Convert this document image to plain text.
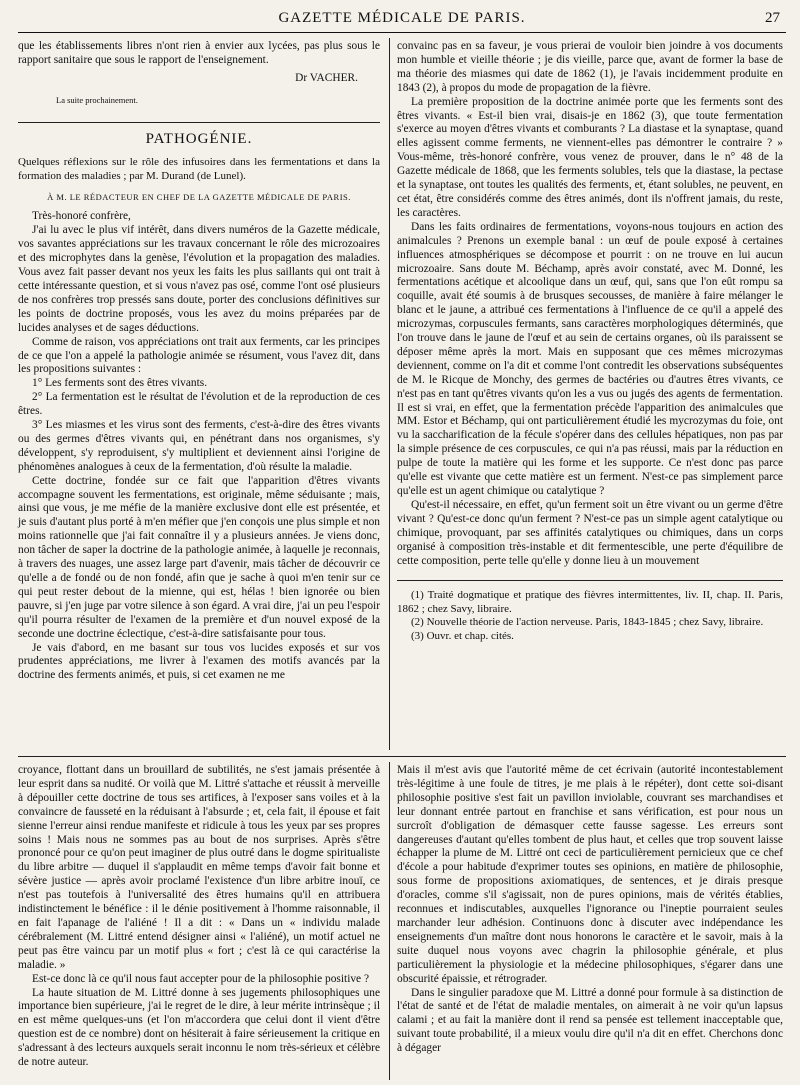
GAZETTE MÉDICALE DE PARIS.	27

que les établissements libres n'ont rien à envier aux lycées, pas plus sous le rapport sanitaire que sous le rapport de l'enseignement.

Dr VACHER.
La suite prochainement.
PATHOGÉNIE.

Quelques réflexions sur le rôle des infusoires dans les fermentations et dans la formation des maladies ; par M. Durand (de Lunel).

À M. LE RÉDACTEUR EN CHEF DE LA GAZETTE MÉDICALE DE PARIS.

Très-honoré confrère,

J'ai lu avec le plus vif intérêt, dans divers numéros de la Gazette médicale, vos savantes appréciations sur les travaux concernant le rôle des microzoaires et des microphytes dans la genèse, l'évolution et la propagation des maladies. Vous avez fait passer devant nos yeux les faits les plus saillants qui ont trait à cette intéressante question, et si vous n'avez pas osé, comme l'ont osé plusieurs de nos confrères trop pressés sans doute, porter des conclusions définitives sur les points de doctrine proposés, vous les avez du moins préparées par de lucides analyses et de sages déductions.

Comme de raison, vos appréciations ont trait aux ferments, car les principes de ce que l'on a appelé la pathologie animée se résument, vous l'avez dit, dans les propositions suivantes :

1° Les ferments sont des êtres vivants.

2° La fermentation est le résultat de l'évolution et de la reproduction de ces êtres.

3° Les miasmes et les virus sont des ferments, c'est-à-dire des êtres vivants ou des germes d'êtres vivants qui, en pénétrant dans nos organismes, s'y développent, s'y reproduisent, s'y multiplient et deviennent ainsi l'origine de phénomènes analogues à ceux de la fermentation, d'où résulte la maladie.

Cette doctrine, fondée sur ce fait que l'apparition d'êtres vivants accompagne souvent les fermentations, est originale, même séduisante ; mais, ainsi que vous, je me méfie de la manière exclusive dont elle est présentée, et je suis d'autant plus porté à m'en méfier que j'en conçois une plus simple et non moins rationnelle que j'ai fait connaître il y a plusieurs années. Je viens donc, non tâcher de saper la doctrine de la pathologie animée, à laquelle je reconnais, à travers des nuages, une assez large part d'avenir, mais tâcher de découvrir ce qu'elle a de fondé ou de non fondé, afin que je sache à quoi m'en tenir sur ce qui peut rester debout de la mienne, qui est, hélas ! bien ignorée ou bien pauvre, si j'en juge par votre silence à son égard. A vrai dire, j'ai un peu l'espoir qu'il pourra résulter de l'examen de la première et d'un nouvel exposé de la seconde une doctrine éclectique, c'est-à-dire satisfaisante pour tous.

Je vais d'abord, en me basant sur tous vos lucides exposés et sur vos prudentes appréciations, me livrer à l'examen des motifs avancés par la doctrine des ferments animés, et puis, si cet examen ne me

convainc pas en sa faveur, je vous prierai de vouloir bien joindre à vos documents mon humble et vieille théorie ; je dis vieille, parce que, avant de former la base de ma théorie des miasmes qui date de 1862 (1), je l'avais incidemment produite en 1843 (2), à propos du mode de propagation de la fièvre.

La première proposition de la doctrine animée porte que les ferments sont des êtres vivants. « Est-il bien vrai, disais-je en 1862 (3), que toute fermentation s'exerce au moyen d'êtres vivants et comburants ? La diastase et la synaptase, quand elles agissent comme ferments, ne viennent-elles pas démontrer le contraire ? » Vous-même, très-honoré confrère, vous venez de prouver, dans le n° 48 de la Gazette médicale de 1868, que les ferments solubles, tels que la diastase, la pectase et la synaptase, ont toutes les qualités des ferments, et, étant solubles, ne peuvent, en cet état, être considérés comme des êtres animés, dont ils n'offrent jamais, du reste, les caractères.

Dans les faits ordinaires de fermentations, voyons-nous toujours en action des animalcules ? Prenons un exemple banal : un œuf de poule exposé à certaines influences atmosphériques se décompose et pourrit : on ne trouve en lui aucun microzoaire. Sans doute M. Béchamp, après avoir constaté, avec M. Donné, les fermentations acétique et alcoolique dans un œuf, qui, sans que l'on eût rompu sa coquille, avait été soumis à de brusques secousses, de manière à faire mélanger le blanc et le jaune, a attribué ces fermentations à l'influence de ce qu'il a appelé des microzymas, corpuscules fermants, sans caractères morphologiques déterminés, que l'on trouve dans le jaune de l'œuf et au sein de certains organes, où ils paraissent se déposer même après la mort. Mais en supposant que ces mêmes microzymas deviennent, comme on l'a dit et comme l'ont contredit les observations subséquentes de M. le Ricque de Monchy, des germes de bactéries ou d'autres êtres vivants, ce n'est pas en tant qu'êtres vivants qu'on les a vus ou jugés des agents de fermentation. Il est si vrai, en effet, que la fermentation précède l'apparition des animalcules que MM. Estor et Béchamp, qui ont particulièrement étudié les mycrozymas du foie, ont vu la saccharification de la fécule s'opérer dans des cellules hépatiques, non pas par la simple présence de ces corpuscules, ce qui n'a pas réussi, mais par la réduction en pulpe de toute la matière qui les forme et les supporte. Ce n'est donc pas parce qu'elle est vivante que cette matière est un ferment. N'est-ce pas simplement parce qu'elle est un agent chimique ou catalytique ?

Qu'est-il nécessaire, en effet, qu'un ferment soit un être vivant ou un germe d'être vivant ? Qu'est-ce donc qu'un ferment ? N'est-ce pas un simple agent catalytique ou chimique, provoquant, par ses affinités catalytiques ou chimiques, dans un corps organisé à composition très-instable et dit fermentescible, une perte d'équilibre de cette composition, perte telle qu'elle y donne lieu à un mouvement

(1) Traité dogmatique et pratique des fièvres intermittentes, liv. II, chap. II. Paris, 1862 ; chez Savy, libraire.

(2) Nouvelle théorie de l'action nerveuse. Paris, 1843-1845 ; chez Savy, libraire.

(3) Ouvr. et chap. cités.

croyance, flottant dans un brouillard de subtilités, ne s'est jamais présentée à leur esprit dans sa nudité. Or voilà que M. Littré s'attache et réussit à merveille à dépouiller cette doctrine de tous ses artifices, à l'exposer sans voiles et à la convaincre de fausseté en la réduisant à l'absurde ; et, cela fait, il épouse et fait sienne l'erreur ainsi rendue manifeste et ridicule à tous les yeux par ses propres soins ! Mais nous ne sommes pas au bout de nos surprises. Après s'être prononcé pour ce qu'on peut imaginer de plus outré dans le dogme spiritualiste du libre arbitre — duquel il s'applaudit en même temps d'avoir fait bonne et sévère justice — après avoir proclamé l'existence d'un libre arbitre inouï, ce n'est pas toutefois à l'universalité des êtres humains qu'il en attribuera indistinctement le bénéfice : il le dénie positivement à l'homme raisonnable, il en fait l'apanage de l'aliéné ! Il a dit : « Dans un « individu malade cérébralement (M. Littré entend désigner ainsi « l'aliéné), un motif actuel ne peut pas être vaincu par un motif plus « fort ; c'est là ce qui caractérise la maladie. »

Est-ce donc là ce qu'il nous faut accepter pour de la philosophie positive ?

La haute situation de M. Littré donne à ses jugements philosophiques une importance bien supérieure, j'ai le regret de le dire, à leur mérite intrinsèque ; il en est même quelques-uns (et l'on m'accordera que celui dont il vient d'être question est de ce nombre) dont on hésiterait à faire sérieusement la critique en s'adressant à des lecteurs auxquels serait inconnu le nom très-sérieux et célèbre de notre auteur.

Mais il m'est avis que l'autorité même de cet écrivain (autorité incontestablement très-légitime à une foule de titres, je me plais à le répéter), dont cette soi-disant philosophie positive s'est fait un pavillon inviolable, couvrant ses marchandises et leur donnant entrée partout en franchise et sans vérification, est pour nous un surcroît d'obligation de démasquer cette fausse sagesse. Les erreurs sont dangereuses d'autant qu'elles tombent de plus haut, et celles que trop souvent laisse échapper la plume de M. Littré ont ceci de particulièrement pernicieux que ce chef d'école a pour habitude d'exprimer toutes ses opinions, en matière de philosophie, sous forme de propositions axiomatiques, de sentences, et je dirais presque d'oracles, comme s'il s'agissait, non de pures opinions, mais de vérités établies, reconnues et indiscutables, auxquelles l'ignorance ou l'ineptie pourraient seules marchander leur adhésion. Continuons donc à discuter avec indépendance les enseignements d'un maître dont nous honorons le caractère et le savoir, mais à la suite duquel nous voyons avec chagrin la philosophie générale, et plus particulièrement la physiologie et la médecine philosophiques, s'égarer dans une obscurité épaissie, et rétrograder.

Dans le singulier paradoxe que M. Littré a donné pour formule à sa distinction de l'état de santé et de l'état de maladie mentales, on aimerait à ne voir qu'un lapsus calami ; et au fait la manière dont il rend sa pensée est tellement inacceptable que, suivant toute probabilité, il a mieux voulu dire qu'il n'a dit en effet. Cherchons donc à dégager
